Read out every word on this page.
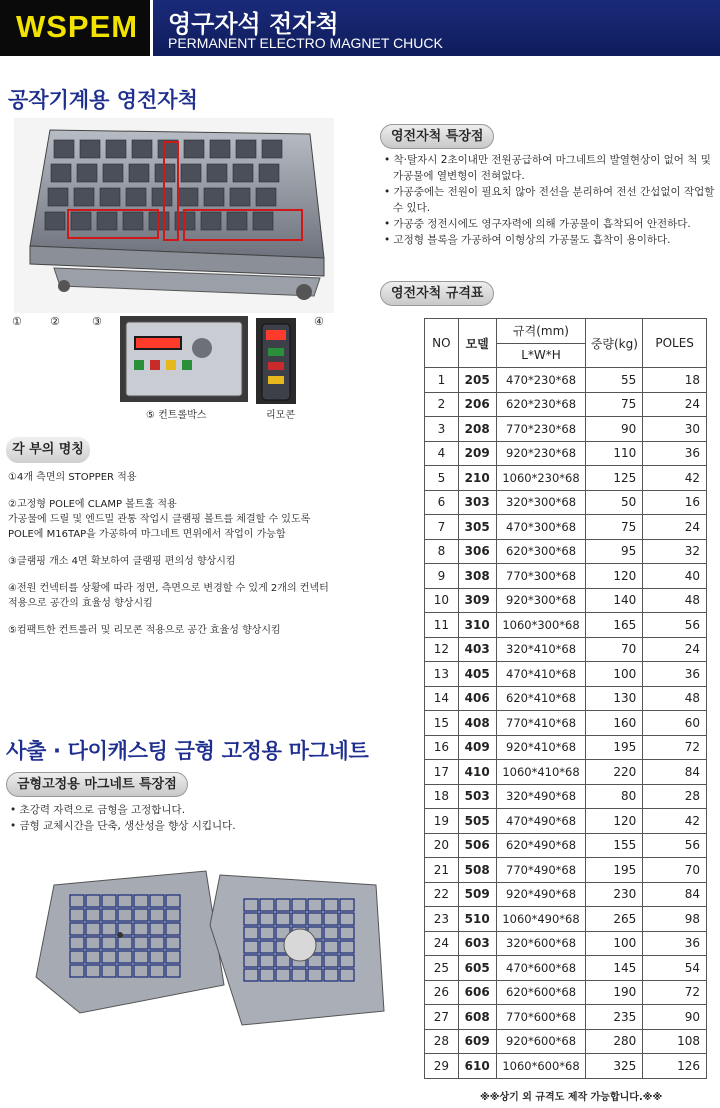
WSPEM 영구자석 전자척
PERMANENT ELECTRO MAGNET CHUCK
공작기계용 영전자척
①	②	③	④
⑤ 컨트롤박스	리모콘
영전자척 특장점
• 착·탈자시 2초이내만 전원공급하여 마그네트의 발열현상이 없어 척 및 가공물에 열변형이 전혀없다.
• 가공중에는 전원이 필요치 않아 전선을 분리하여 전선 간섭없이 작업할 수 있다.
• 가공중 정전시에도 영구자력에 의해 가공물이 흡착되어 안전하다.
• 고정형 블록을 가공하여 이형상의 가공물도 흡착이 용이하다.
각 부의 명칭
①4개 측면의 STOPPER 적용
②고정형 POLE에 CLAMP 볼트홀 적용
가공물에 드릴 및 엔드밀 관통 작업시 클램핑 볼트를 체결할 수 있도록
POLE에 M16TAP을 가공하여 마그네트 면위에서 작업이 가능함
③클램핑 개소 4면 확보하여 클램핑 편의성 향상시킴
④전원 컨넥터를 상황에 따라 정면, 측면으로 변경할 수 있게 2개의 컨넥터
적용으로 공간의 효율성 향상시킴
⑤컴팩트한 컨트롤러 및 리모콘 적용으로 공간 효율성 향상시킴
영전자척 규격표
NO	모델	규격(mm)	중량(kg)	POLES
		L*W*H		
1	205	470*230*68	55	18
2	206	620*230*68	75	24
3	208	770*230*68	90	30
4	209	920*230*68	110	36
5	210	1060*230*68	125	42
6	303	320*300*68	50	16
7	305	470*300*68	75	24
8	306	620*300*68	95	32
9	308	770*300*68	120	40
10	309	920*300*68	140	48
11	310	1060*300*68	165	56
12	403	320*410*68	70	24
13	405	470*410*68	100	36
14	406	620*410*68	130	48
15	408	770*410*68	160	60
16	409	920*410*68	195	72
17	410	1060*410*68	220	84
18	503	320*490*68	80	28
19	505	470*490*68	120	42
20	506	620*490*68	155	56
21	508	770*490*68	195	70
22	509	920*490*68	230	84
23	510	1060*490*68	265	98
24	603	320*600*68	100	36
25	605	470*600*68	145	54
26	606	620*600*68	190	72
27	608	770*600*68	235	90
28	609	920*600*68	280	108
29	610	1060*600*68	325	126
※※상기 외 규격도 제작 가능합니다.※※
사출 · 다이캐스팅 금형 고정용 마그네트
금형고정용 마그네트 특장점
• 초강력 자력으로 금형을 고정합니다.
• 금형 교체시간을 단축, 생산성을 향상 시킵니다.
